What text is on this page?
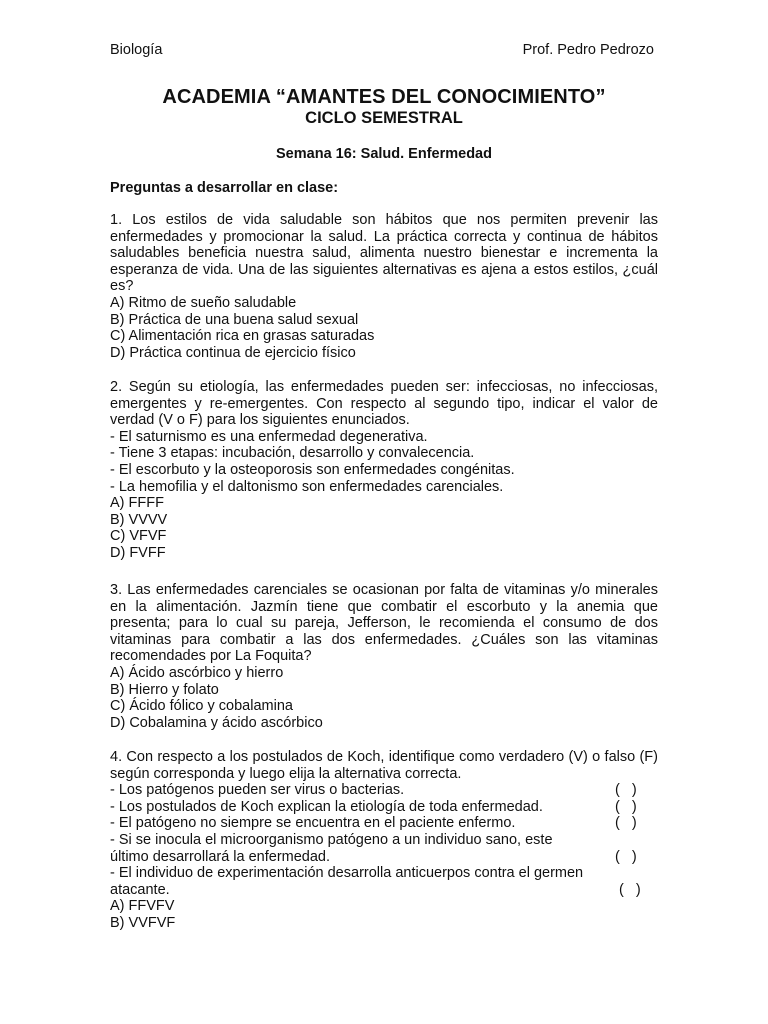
Biología	Prof. Pedro Pedrozo
ACADEMIA “AMANTES DEL CONOCIMIENTO”
CICLO SEMESTRAL
Semana 16: Salud. Enfermedad
Preguntas a desarrollar en clase:
1. Los estilos de vida saludable son hábitos que nos permiten prevenir las enfermedades y promocionar la salud. La práctica correcta y continua de hábitos saludables beneficia nuestra salud, alimenta nuestro bienestar e incrementa la esperanza de vida. Una de las siguientes alternativas es ajena a estos estilos, ¿cuál es?
A) Ritmo de sueño saludable
B) Práctica de una buena salud sexual
C) Alimentación rica en grasas saturadas
D) Práctica continua de ejercicio físico
2. Según su etiología, las enfermedades pueden ser: infecciosas, no infecciosas, emergentes y re-emergentes. Con respecto al segundo tipo, indicar el valor de verdad (V o F) para los siguientes enunciados.
- El saturnismo es una enfermedad degenerativa.
- Tiene 3 etapas: incubación, desarrollo y convalecencia.
- El escorbuto y la osteoporosis son enfermedades congénitas.
- La hemofilia y el daltonismo son enfermedades carenciales.
A) FFFF
B) VVVV
C) VFVF
D) FVFF
3. Las enfermedades carenciales se ocasionan por falta de vitaminas y/o minerales en la alimentación. Jazmín tiene que combatir el escorbuto y la anemia que presenta; para lo cual su pareja, Jefferson, le recomienda el consumo de dos vitaminas para combatir a las dos enfermedades. ¿Cuáles son las vitaminas recomendades por La Foquita?
A) Ácido ascórbico y hierro
B) Hierro y folato
C) Ácido fólico y cobalamina
D) Cobalamina y ácido ascórbico
4. Con respecto a los postulados de Koch, identifique como verdadero (V) o falso (F) según corresponda y luego elija la alternativa correcta.
- Los patógenos pueden ser virus o bacterias.	(   )
- Los postulados de Koch explican la etiología de toda enfermedad.	(   )
- El patógeno no siempre se encuentra en el paciente enfermo.	(   )
- Si se inocula el microorganismo patógeno a un individuo sano, este
último desarrollará la enfermedad.	(   )
- El individuo de experimentación desarrolla anticuerpos contra el germen
atacante.	(   )
A) FFVFV
B) VVFVF
